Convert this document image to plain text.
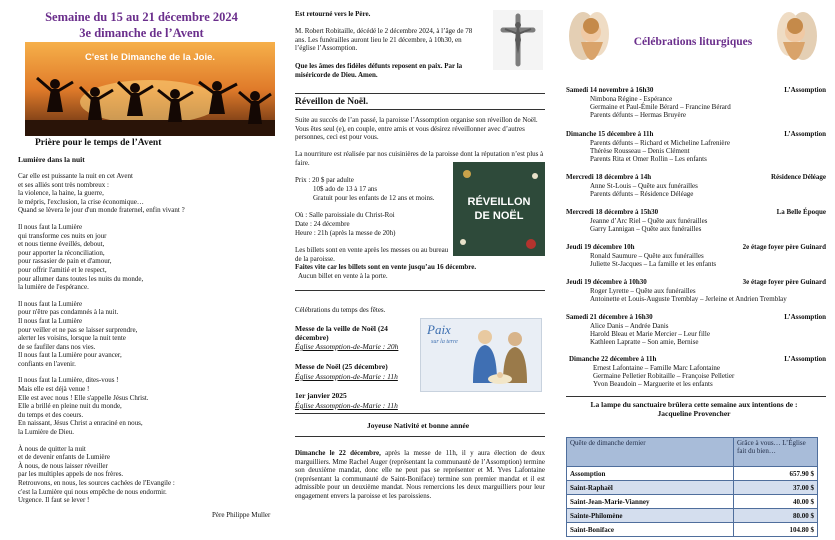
Semaine du 15 au 21 décembre 2024
3e dimanche de l’Avent
C'est le Dimanche de la Joie.
Prière pour le temps de l’Avent
Lumière dans la nuit

Car elle est puissante la nuit en cet Avent
et ses alliés sont très nombreux :
la violence, la haine, la guerre,
le mépris, l'exclusion, la crise économique…
Quand se lèvera le jour d'un monde fraternel, enfin vivant ?

Il nous faut la Lumière
qui transforme ces nuits en jour
et nous tienne éveillés, debout,
pour apporter la réconciliation,
pour rassasier de pain et d'amour,
pour offrir l'amitié et le respect,
pour allumer dans toutes les nuits du monde,
la lumière de l'espérance.

Il nous faut la Lumière
pour n'être pas condamnés à la nuit.
Il nous faut la Lumière
pour veiller et ne pas se laisser surprendre,
alerter les voisins, lorsque la nuit tente
de se faufiler dans nos vies.
Il nous faut la Lumière pour avancer,
confiants en l'avenir.

Il nous faut la Lumière, dites-vous !
Mais elle est déjà venue !
Elle est avec nous ! Elle s'appelle Jésus Christ.
Elle a brillé en pleine nuit du monde,
du temps et des coeurs.
En naissant, Jésus Christ a enraciné en nous,
la Lumière de Dieu.

À nous de quitter la nuit
et de devenir enfants de Lumière
À nous, de nous laisser réveiller
par les multiples appels de nos frères.
Retrouvons, en nous, les sources cachées de l'Evangile :
c'est la Lumière qui nous empêche de nous endormir.
Urgence. Il faut se lever !

Père Philippe Muller
Est retourné vers le Père.
M. Robert Robitaille, décédé le 2 décembre 2024, à l’âge de 78 ans. Les funérailles auront lieu le 21 décembre, à 10h30, en l’église l’Assomption.
Que les âmes des fidèles défunts reposent en paix. Par la miséricorde de Dieu. Amen.
Réveillon de Noël.
Suite au succès de l’an passé, la paroisse l’Assomption organise son réveillon de Noël. Vous êtes seul (e), en couple, entre amis et vous désirez réveillonner avec d’autres personnes, ceci est pour vous.
La nourriture est réalisée par nos cuisinières de la paroisse dont la réputation n’est plus à faire.
Prix : 20 $ par adulte
10$ ado de 13 à 17 ans
Gratuit pour les enfants de 12 ans et moins.
Où : Salle paroissiale du Christ-Roi
Date : 24 décembre
Heure : 21h (après la messe de 20h)
RÉVEILLON
DE NOËL
Les billets sont en vente après les messes ou au bureau de la paroisse.
Faites vite car les billets sont en vente jusqu’au 16 décembre.
Aucun billet en vente à la porte.
Célébrations du temps des fêtes.
Messe de la veille de Noël (24 décembre)
Église Assomption-de-Marie : 20h
Messe de Noël (25 décembre)
Église Assomption-de-Marie : 11h
1er janvier 2025
Église Assomption-de-Marie : 11h
Paix
sur la terre
Joyeuse Nativité et bonne année
Dimanche le 22 décembre, après la messe de 11h, il y aura élection de deux marguilliers. Mme Rachel Auger (représentant la communauté de l’Assomption) termine son deuxième mandat, donc elle ne peut pas se représenter et M. Yves Lafontaine (représentant la communauté de Saint-Boniface) termine son premier mandat et il est admissible pour un deuxième mandat. Nous remercions les deux marguilliers pour leur engagement envers la paroisse et les paroissiens.
Célébrations liturgiques
Samedi 14 novembre à 16h30	L’Assomption
Nimbona Régine - Espérance
Germaine et Paul-Émile Bérard – Francine Bérard
Parents défunts – Hermas Bruyère
Dimanche 15 décembre à 11h	L’Assomption
Parents défunts – Richard et Micheline Lafrenière
Thérèse Rousseau – Denis Clément
Parents Rita et Omer Rollin – Les enfants
Mercredi 18 décembre à 14h	Résidence Déléage
Anne St-Louis – Quête aux funérailles
Parents défunts – Résidence Déléage
Mercredi 18 décembre à 15h30	La Belle Époque
Jeanne d’Arc Riel – Quête aux funérailles
Garry Lannigan – Quête aux funérailles
Jeudi 19 décembre 10h	2e étage foyer père Guinard
Ronald Saumure – Quête aux funérailles
Juliette St-Jacques – La famille et les enfants
Jeudi 19 décembre à 10h30	3e étage foyer père Guinard
Roger Lyrette – Quête aux funérailles
Antoinette et Louis-Auguste Tremblay – Jerleine et Andrien Tremblay
Samedi 21 décembre à 16h30	L’Assomption
Alice Danis – Andrée Danis
Harold Bleau et Marie Mercier – Leur fille
Kathleen Lapratte – Son amie, Bernise
Dimanche 22 décembre à 11h	L’Assomption
Ernest Lafontaine – Famille Marc Lafontaine
Germaine Pelletier Robitaille – Françoise Pelletier
Yvon Beaudoin – Marguerite et les enfants
La lampe du sanctuaire brûlera cette semaine aux intentions de :
Jacqueline Provencher
Quête de dimanche dernier	Grâce à vous… L’Église fait du bien…
Assomption	657.90 $
Saint-Raphaël	37.00 $
Saint-Jean-Marie-Vianney	40.00 $
Sainte-Philomène	80.00 $
Saint-Boniface	104.80 $
